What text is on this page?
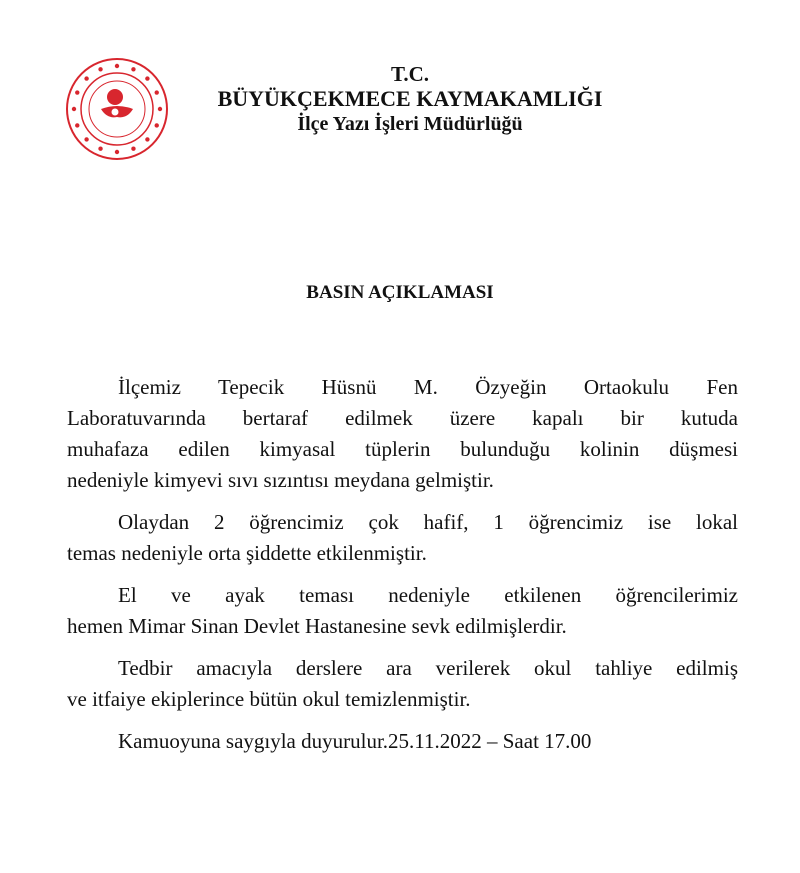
T.C.
BÜYÜKÇEKMECE KAYMAKAMLIĞI
İlçe Yazı İşleri Müdürlüğü
BASIN AÇIKLAMASI
İlçemiz Tepecik Hüsnü M. Özyeğin Ortaokulu Fen
Laboratuvarında bertaraf edilmek üzere kapalı bir kutuda
muhafaza edilen kimyasal tüplerin bulunduğu kolinin düşmesi
nedeniyle kimyevi sıvı sızıntısı meydana gelmiştir.
Olaydan 2 öğrencimiz çok hafif, 1 öğrencimiz ise lokal
temas nedeniyle orta şiddette etkilenmiştir.
El ve ayak teması nedeniyle etkilenen öğrencilerimiz
hemen Mimar Sinan Devlet Hastanesine sevk edilmişlerdir.
Tedbir amacıyla derslere ara verilerek okul tahliye edilmiş
ve itfaiye ekiplerince bütün okul temizlenmiştir.
Kamuoyuna saygıyla duyurulur.25.11.2022 – Saat 17.00
